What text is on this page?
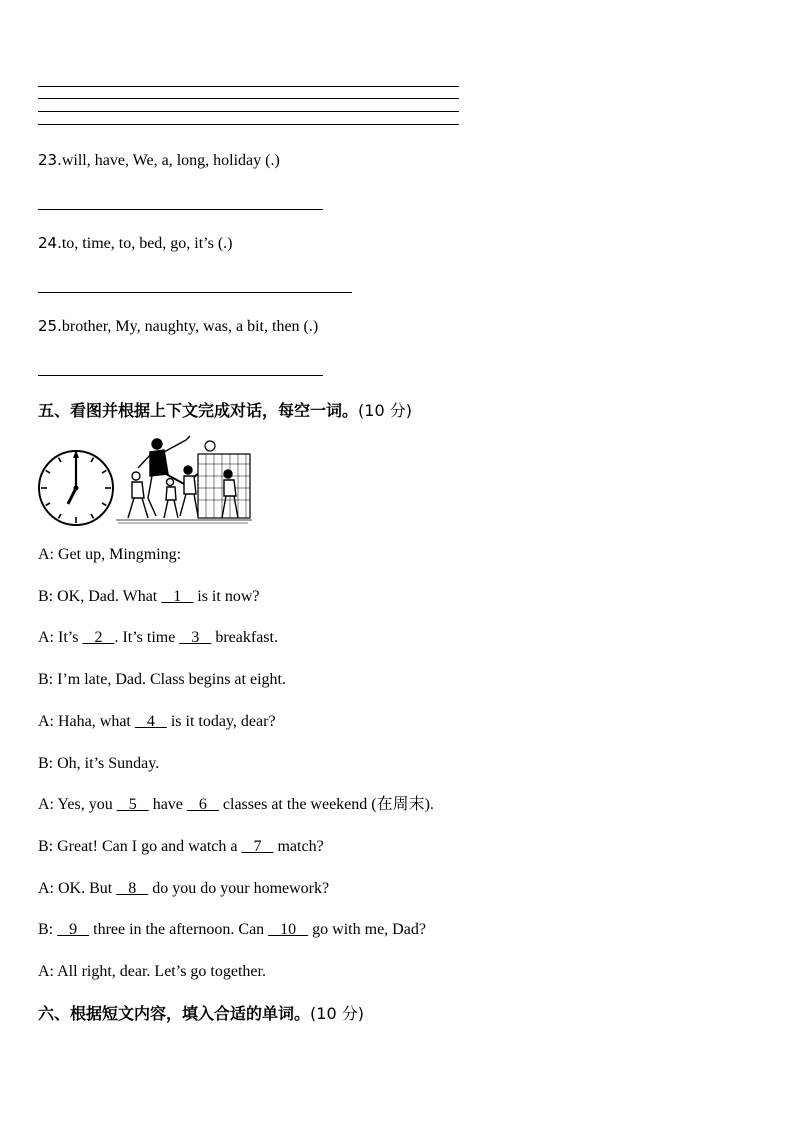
23.will, have, We, a, long, holiday (.)
24.to, time, to, bed, go, it’s (.)
25.brother, My, naughty, was, a bit, then (.)
五、看图并根据上下文完成对话，每空一词。(10 分)
A: Get up, Mingming:
B: OK, Dad. What    1    is it now?
A: It’s    2   . It’s time    3    breakfast.
B: I’m late, Dad. Class begins at eight.
A: Haha, what    4    is it today, dear?
B: Oh, it’s Sunday.
A: Yes, you    5    have    6    classes at the weekend (在周末).
B: Great! Can I go and watch a    7    match?
A: OK. But    8    do you do your homework?
B:    9    three in the afternoon. Can    10    go with me, Dad?
A: All right, dear. Let’s go together.
六、根据短文内容，填入合适的单词。(10 分)
